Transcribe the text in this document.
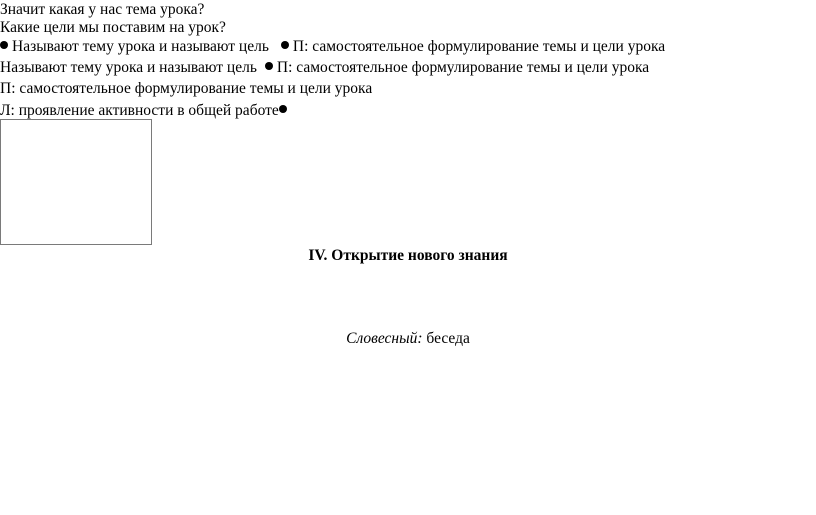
Значит какая у нас тема урока?
Какие цели мы поставим на урок?
Называют тему урока и называют цель П: самостоятельное формулирование темы и цели урока
Называют тему урока и называют цель П: самостоятельное формулирование темы и цели урока
П: самостоятельное формулирование темы и цели урока
Л: проявление активности в общей работе
IV. Открытие нового знания
Словесный: беседа
